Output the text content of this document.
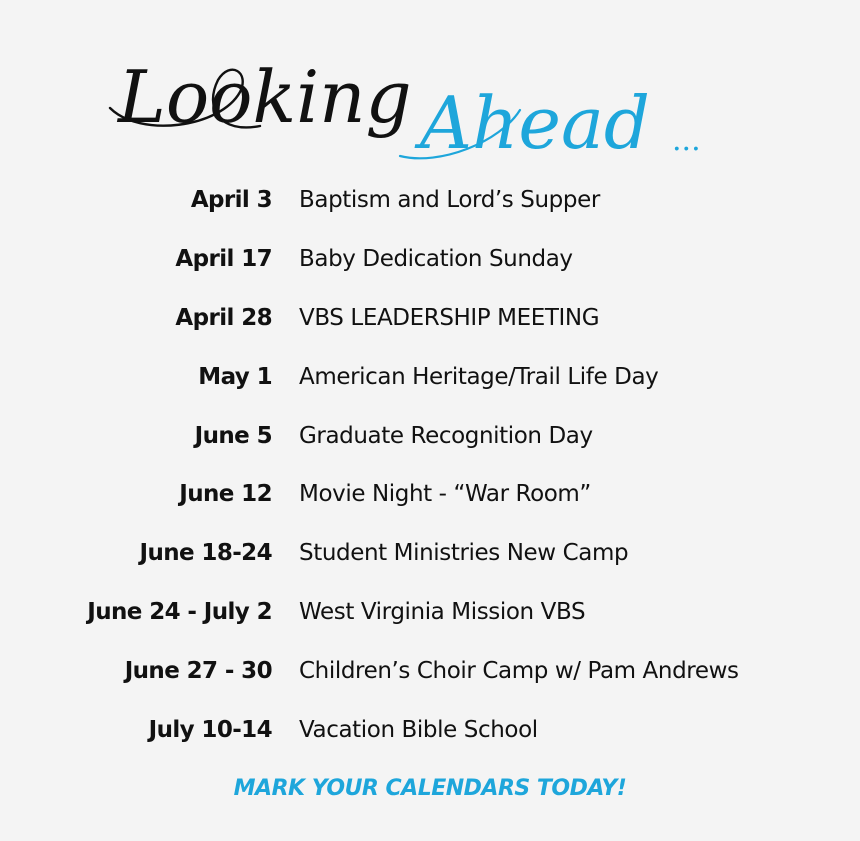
Looking Ahead ...
April 3 Baptism and Lord’s Supper
April 17 Baby Dedication Sunday
April 28 VBS LEADERSHIP MEETING
May 1 American Heritage/Trail Life Day
June 5 Graduate Recognition Day
June 12 Movie Night - “War Room”
June 18-24 Student Ministries New Camp
June 24 - July 2 West Virginia Mission VBS
June 27 - 30 Children’s Choir Camp w/ Pam Andrews
July 10-14 Vacation Bible School
MARK YOUR CALENDARS TODAY!
